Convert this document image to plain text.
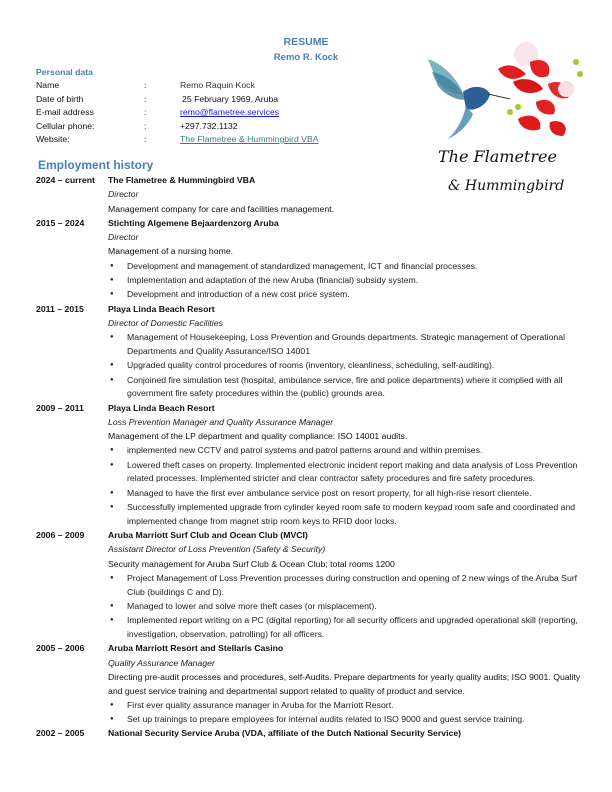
RESUME
Remo R. Kock
Personal data
Name	:	Remo Raquin Kock
Date of birth	:	25 February 1969, Aruba
E-mail address	:	remo@flametree.services
Cellular phone:	:	+297.732.1132
Website:	:	The Flametree & Hummingbird VBA
The Flametree
& Hummingbird
Employment history
2024 – current	The Flametree & Hummingbird VBA

Director

Management company for care and facilities management.

2015 – 2024	Stichting Algemene Bejaardenzorg Aruba

Director

Management of a nursing home.

● Development and management of standardized management, ICT and financial processes.
● Implementation and adaptation of the new Aruba (financial) subsidy system.
● Development and introduction of a new cost price system.
2011 – 2015	Playa Linda Beach Resort

Director of Domestic Facilities

● Management of Housekeeping, Loss Prevention and Grounds departments. Strategic management of Operational Departments and Quality Assurance/ISO 14001
● Upgraded quality control procedures of rooms (inventory, cleanliness, scheduling, self-auditing).
● Conjoined fire simulation test (hospital, ambulance service, fire and police departments) where it complied with all government fire safety procedures within the (public) grounds area.
2009 – 2011	Playa Linda Beach Resort

Loss Prevention Manager and Quality Assurance Manager

Management of the LP department and quality compliance: ISO 14001 audits.

● implemented new CCTV and patrol systems and patrol patterns around and within premises.
● Lowered theft cases on property. Implemented electronic incident report making and data analysis of Loss Prevention related processes. Implemented stricter and clear contractor safety procedures and fire safety procedures.
● Managed to have the first ever ambulance service post on resort property, for all high-rise resort clientele.
● Successfully implemented upgrade from cylinder keyed room safe to modern keypad room safe and coordinated and implemented change from magnet strip room keys to RFID door locks.
2006 – 2009	Aruba Marriott Surf Club and Ocean Club (MVCI)

Assistant Director of Loss Prevention (Safety & Security)

Security management for Aruba Surf Club & Ocean Club; total rooms 1200

● Project Management of Loss Prevention processes during construction and opening of 2 new wings of the Aruba Surf Club (buildings C and D).
● Managed to lower and solve more theft cases (or misplacement).
● Implemented report writing on a PC (digital reporting) for all security officers and upgraded operational skill (reporting, investigation, observation, patrolling) for all officers.
2005 – 2006	Aruba Marriott Resort and Stellaris Casino

Quality Assurance Manager

Directing pre-audit processes and procedures, self-Audits. Prepare departments for yearly quality audits; ISO 9001. Quality and guest service training and departmental support related to quality of product and service.

● First ever quality assurance manager in Aruba for the Marriott Resort.
● Set up trainings to prepare employees for internal audits related to ISO 9000 and guest service training.
2002 – 2005	National Security Service Aruba (VDA, affiliate of the Dutch National Security Service)
